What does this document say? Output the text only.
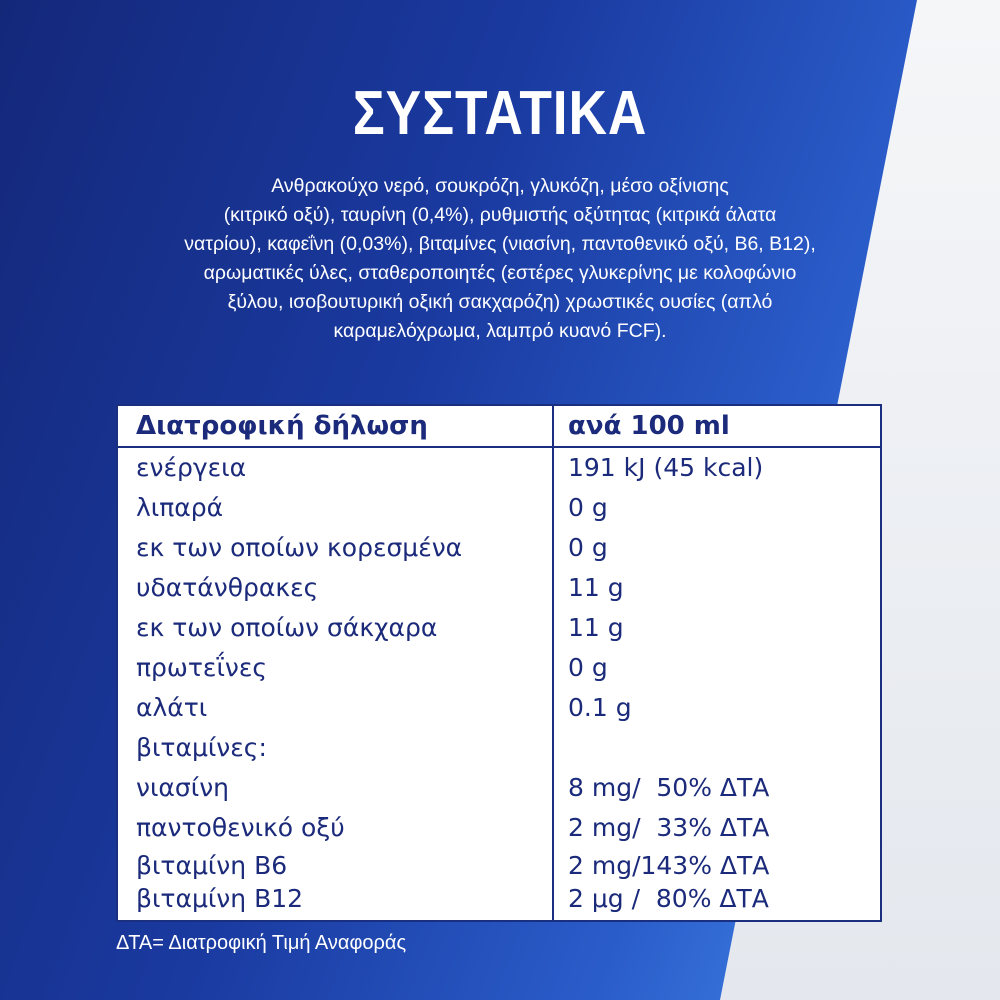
ΣΥΣΤΑΤΙΚΑ
Ανθρακούχο νερό, σουκρόζη, γλυκόζη, μέσο οξίνισης
(κιτρικό οξύ), ταυρίνη (0,4%), ρυθμιστής οξύτητας (κιτρικά άλατα
νατρίου), καφεΐνη (0,03%), βιταμίνες (νιασίνη, παντοθενικό οξύ, B6, B12),
αρωματικές ύλες, σταθεροποιητές (εστέρες γλυκερίνης με κολοφώνιο
ξύλου, ισοβουτυρική οξική σακχαρόζη) χρωστικές ουσίες (απλό
καραμελόχρωμα, λαμπρό κυανό FCF).
Διατροφική δήλωση	ανά 100 ml
ενέργεια	191 kJ (45 kcal)
λιπαρά	0 g
εκ των οποίων κορεσμένα	0 g
υδατάνθρακες	11 g
εκ των οποίων σάκχαρα	11 g
πρωτεΐνες	0 g
αλάτι	0.1 g
βιταμίνες:
νιασίνη	8 mg/  50% ΔΤΑ
παντοθενικό οξύ	2 mg/  33% ΔΤΑ
βιταμίνη B6	2 mg/143% ΔΤΑ
βιταμίνη B12	2 μg /  80% ΔΤΑ
ΔΤΑ= Διατροφική Τιμή Αναφοράς
